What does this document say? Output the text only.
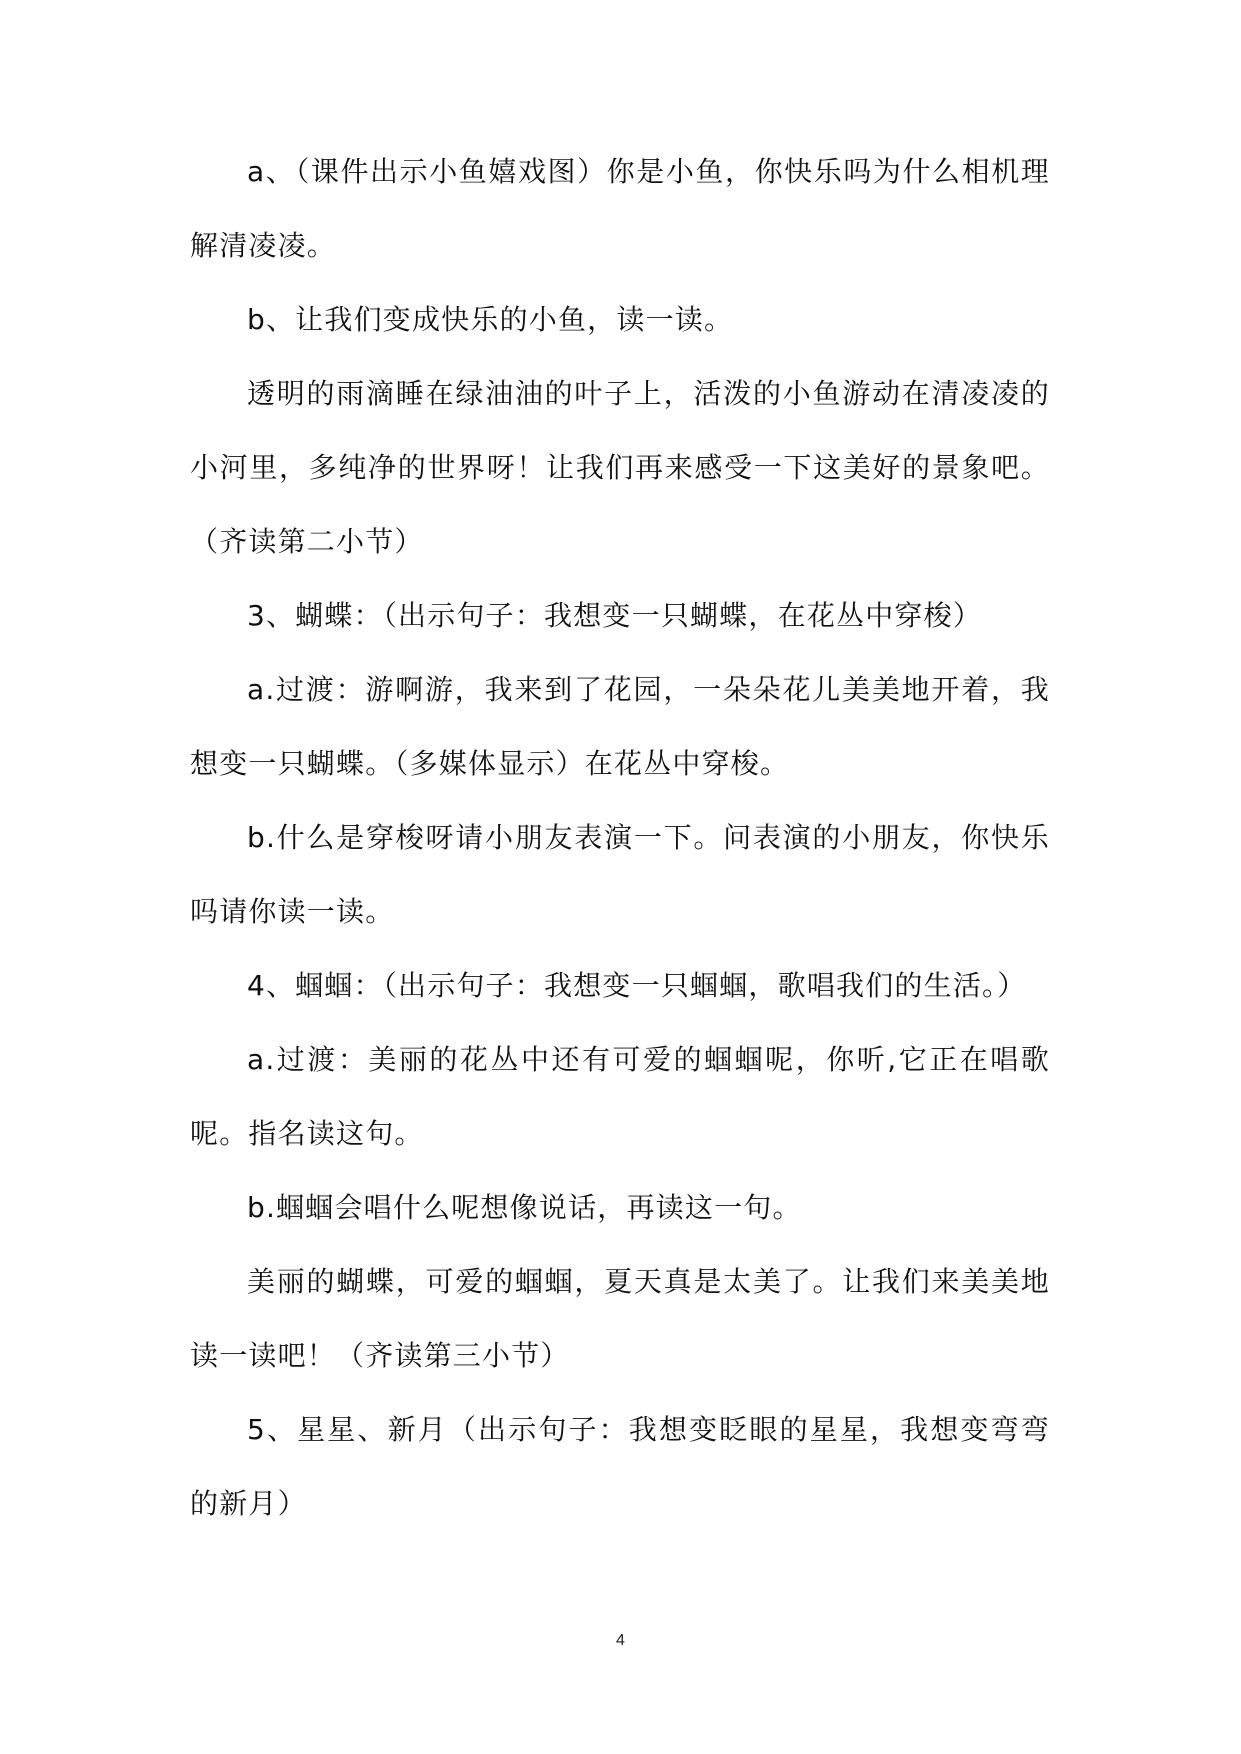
a、（课件出示小鱼嬉戏图）你是小鱼，你快乐吗为什么相机理解清凌凌。

b、让我们变成快乐的小鱼，读一读。

透明的雨滴睡在绿油油的叶子上，活泼的小鱼游动在清凌凌的小河里，多纯净的世界呀！让我们再来感受一下这美好的景象吧。（齐读第二小节）

3、蝴蝶：（出示句子：我想变一只蝴蝶，在花丛中穿梭）

a.过渡：游啊游，我来到了花园，一朵朵花儿美美地开着，我想变一只蝴蝶。（多媒体显示）在花丛中穿梭。

b.什么是穿梭呀请小朋友表演一下。问表演的小朋友，你快乐吗请你读一读。

4、蝈蝈：（出示句子：我想变一只蝈蝈，歌唱我们的生活。）

a.过渡：美丽的花丛中还有可爱的蝈蝈呢，你听,它正在唱歌呢。指名读这句。

b.蝈蝈会唱什么呢想像说话，再读这一句。

美丽的蝴蝶，可爱的蝈蝈，夏天真是太美了。让我们来美美地读一读吧！（齐读第三小节）

5、星星、新月（出示句子：我想变眨眼的星星，我想变弯弯的新月）

4
